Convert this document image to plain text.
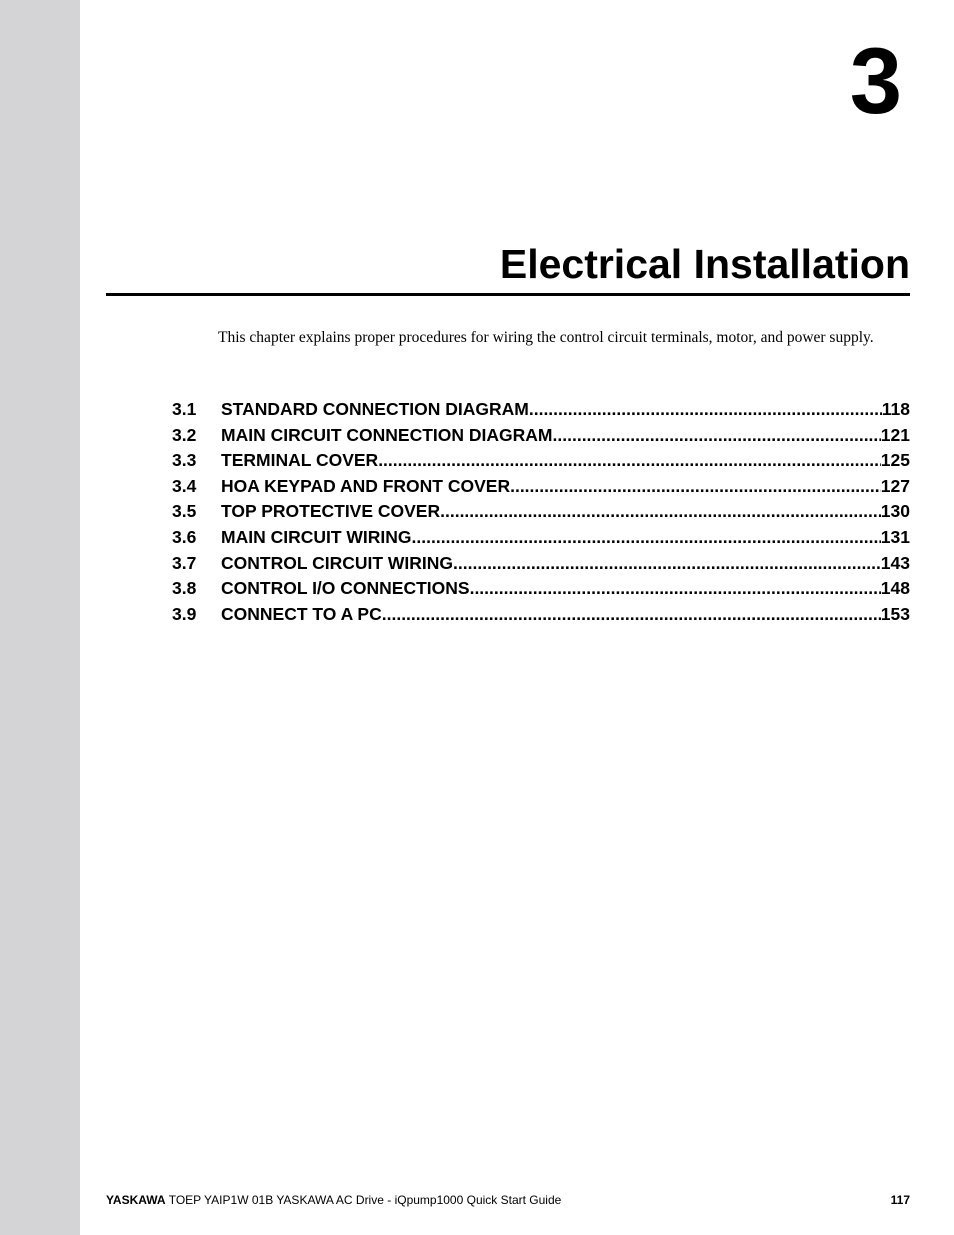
3
Electrical Installation
This chapter explains proper procedures for wiring the control circuit terminals, motor, and power supply.
3.1	STANDARD CONNECTION DIAGRAM .....	118
3.2	MAIN CIRCUIT CONNECTION DIAGRAM .....	121
3.3	TERMINAL COVER .....	125
3.4	HOA KEYPAD AND FRONT COVER .....	127
3.5	TOP PROTECTIVE COVER .....	130
3.6	MAIN CIRCUIT WIRING .....	131
3.7	CONTROL CIRCUIT WIRING .....	143
3.8	CONTROL I/O CONNECTIONS .....	148
3.9	CONNECT TO A PC .....	153
YASKAWA TOEP YAIP1W 01B YASKAWA AC Drive - iQpump1000 Quick Start Guide	117
